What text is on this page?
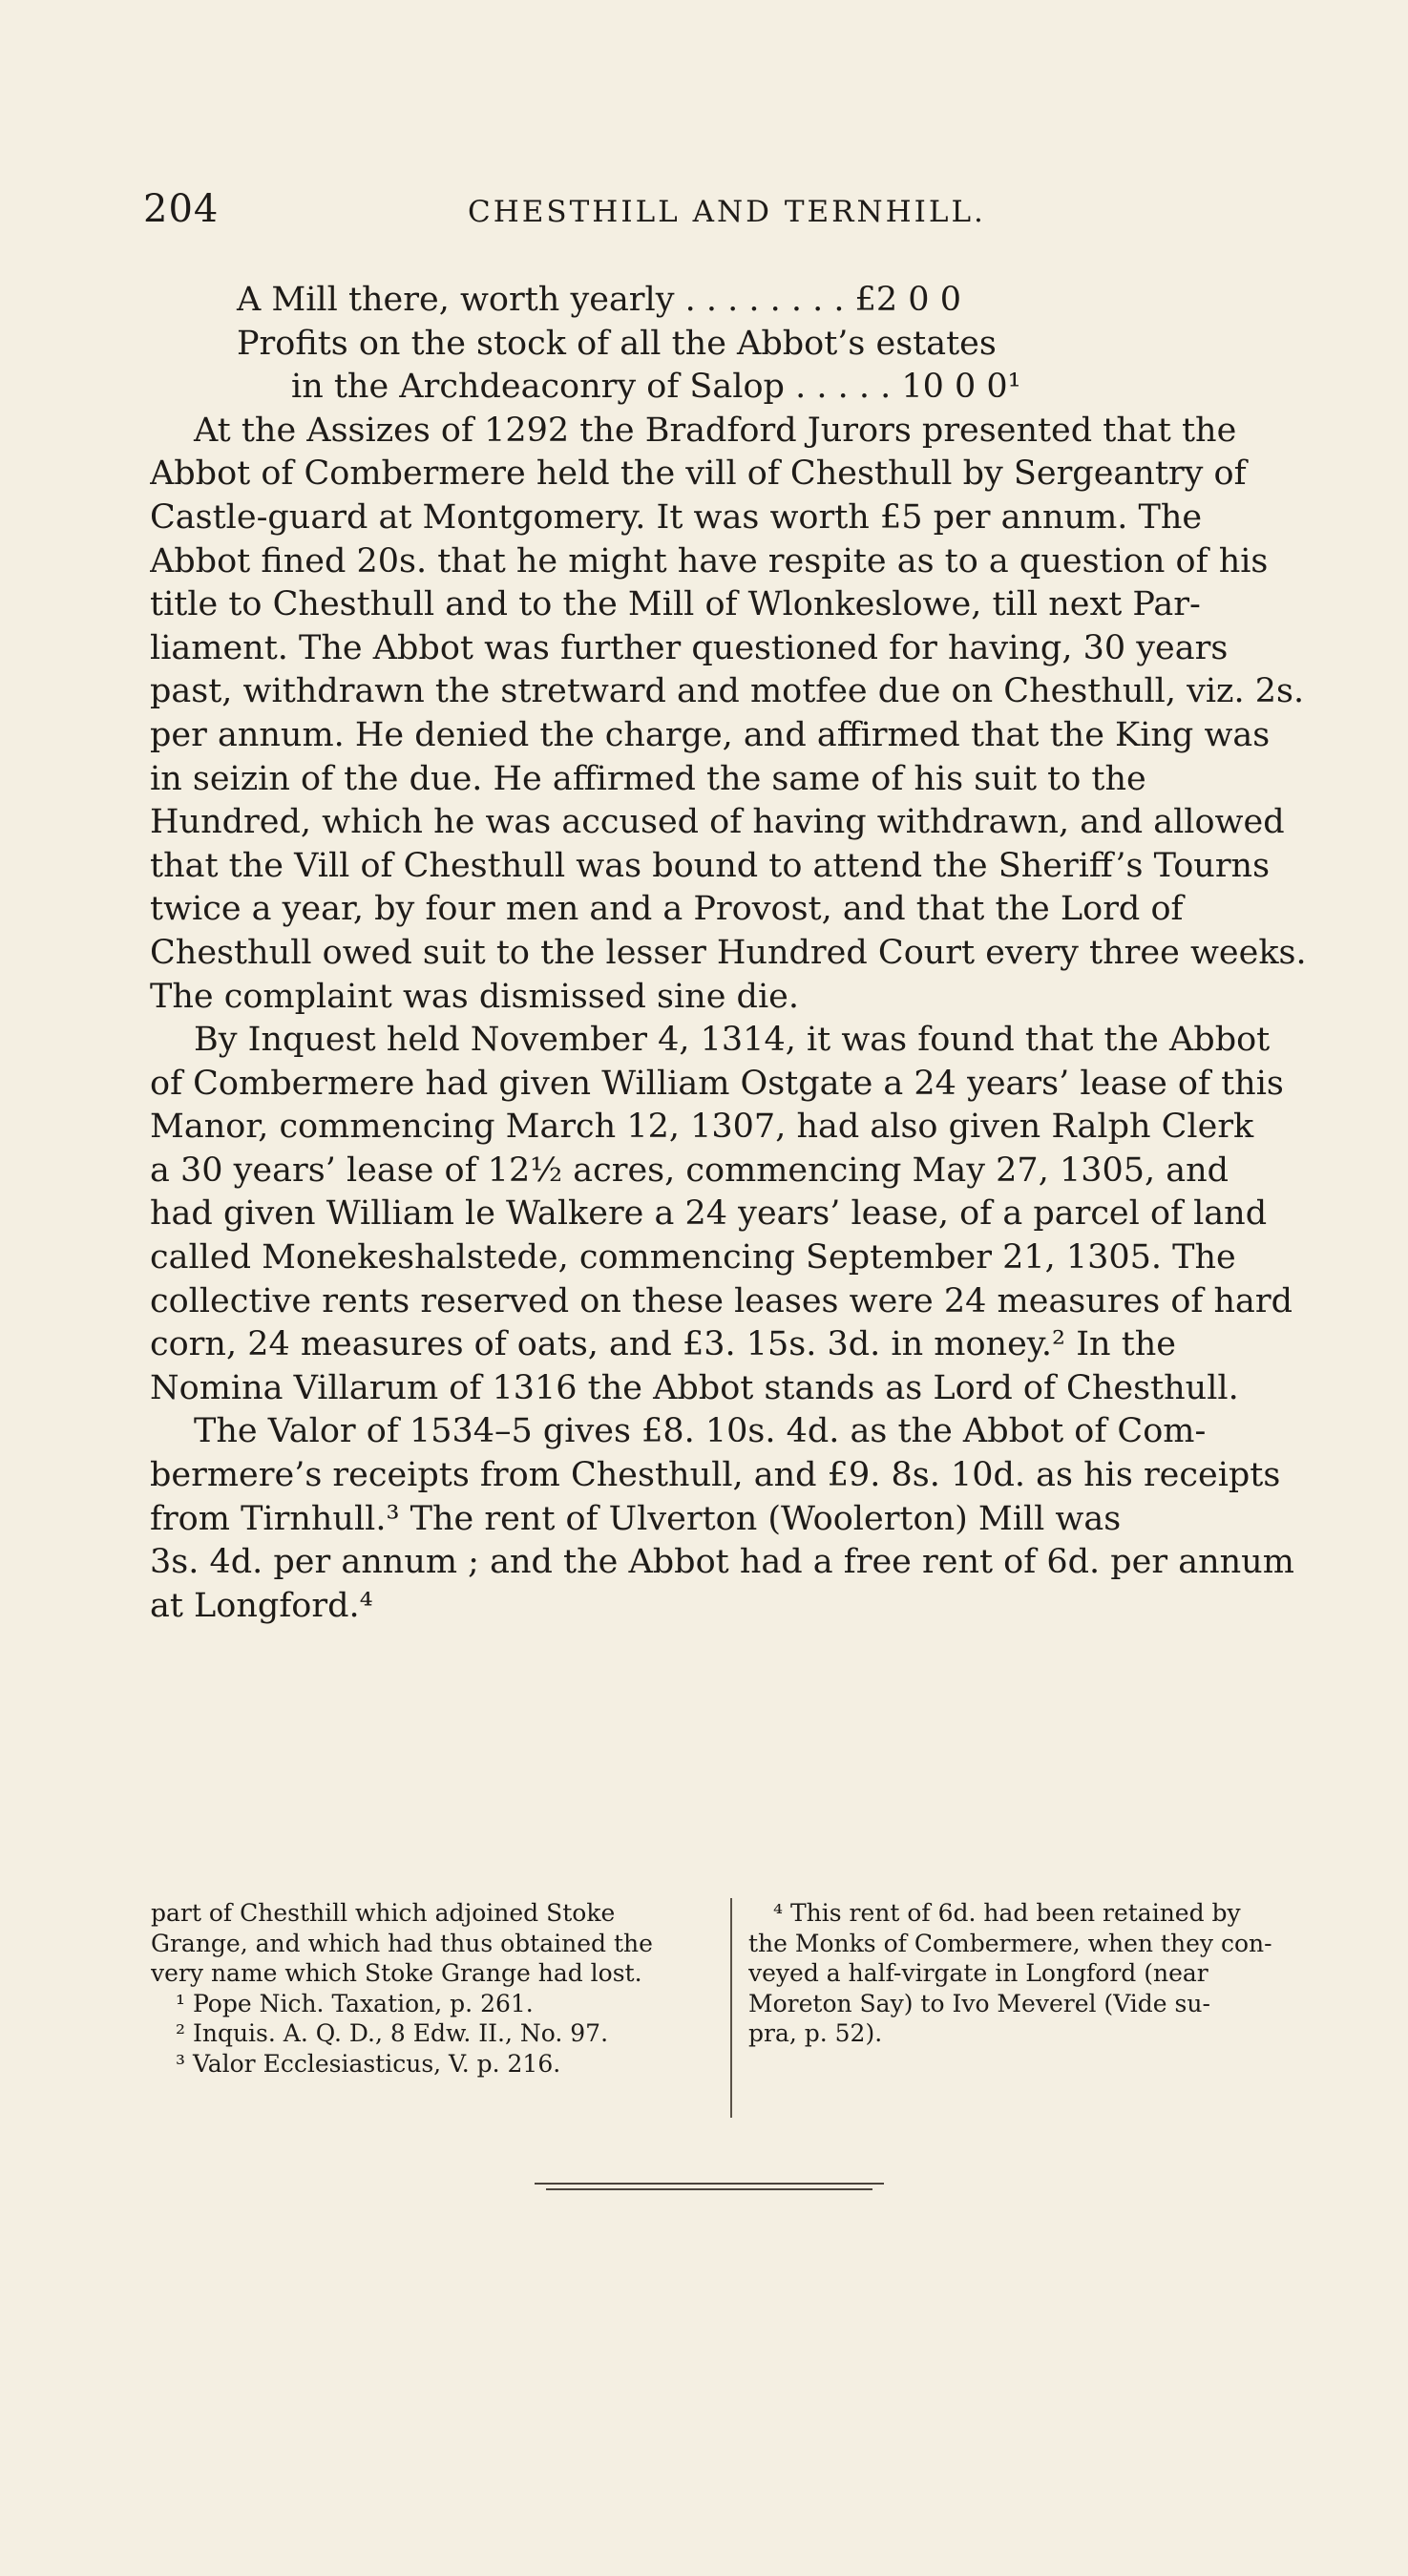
204	CHESTHILL AND TERNHILL.
A Mill there, worth yearly . . . . . . . . £2 0 0
Profits on the stock of all the Abbot’s estates
in the Archdeaconry of Salop . . . . . 10 0 0¹
At the Assizes of 1292 the Bradford Jurors presented that the
Abbot of Combermere held the vill of Chesthull by Sergeantry of
Castle-guard at Montgomery. It was worth £5 per annum. The
Abbot fined 20s. that he might have respite as to a question of his
title to Chesthull and to the Mill of Wlonkeslowe, till next Par-
liament. The Abbot was further questioned for having, 30 years
past, withdrawn the stretward and motfee due on Chesthull, viz. 2s.
per annum. He denied the charge, and affirmed that the King was
in seizin of the due. He affirmed the same of his suit to the
Hundred, which he was accused of having withdrawn, and allowed
that the Vill of Chesthull was bound to attend the Sheriff’s Tourns
twice a year, by four men and a Provost, and that the Lord of
Chesthull owed suit to the lesser Hundred Court every three weeks.
The complaint was dismissed sine die.
By Inquest held November 4, 1314, it was found that the Abbot
of Combermere had given William Ostgate a 24 years’ lease of this
Manor, commencing March 12, 1307, had also given Ralph Clerk
a 30 years’ lease of 12½ acres, commencing May 27, 1305, and
had given William le Walkere a 24 years’ lease, of a parcel of land
called Monekeshalstede, commencing September 21, 1305. The
collective rents reserved on these leases were 24 measures of hard
corn, 24 measures of oats, and £3. 15s. 3d. in money.² In the
Nomina Villarum of 1316 the Abbot stands as Lord of Chesthull.
The Valor of 1534–5 gives £8. 10s. 4d. as the Abbot of Com-
bermere’s receipts from Chesthull, and £9. 8s. 10d. as his receipts
from Tirnhull.³ The rent of Ulverton (Woolerton) Mill was
3s. 4d. per annum ; and the Abbot had a free rent of 6d. per annum
at Longford.⁴
part of Chesthill which adjoined Stoke
Grange, and which had thus obtained the
very name which Stoke Grange had lost.
¹ Pope Nich. Taxation, p. 261.
² Inquis. A. Q. D., 8 Edw. II., No. 97.
³ Valor Ecclesiasticus, V. p. 216.
⁴ This rent of 6d. had been retained by
the Monks of Combermere, when they con-
veyed a half-virgate in Longford (near
Moreton Say) to Ivo Meverel (Vide su-
pra, p. 52).
